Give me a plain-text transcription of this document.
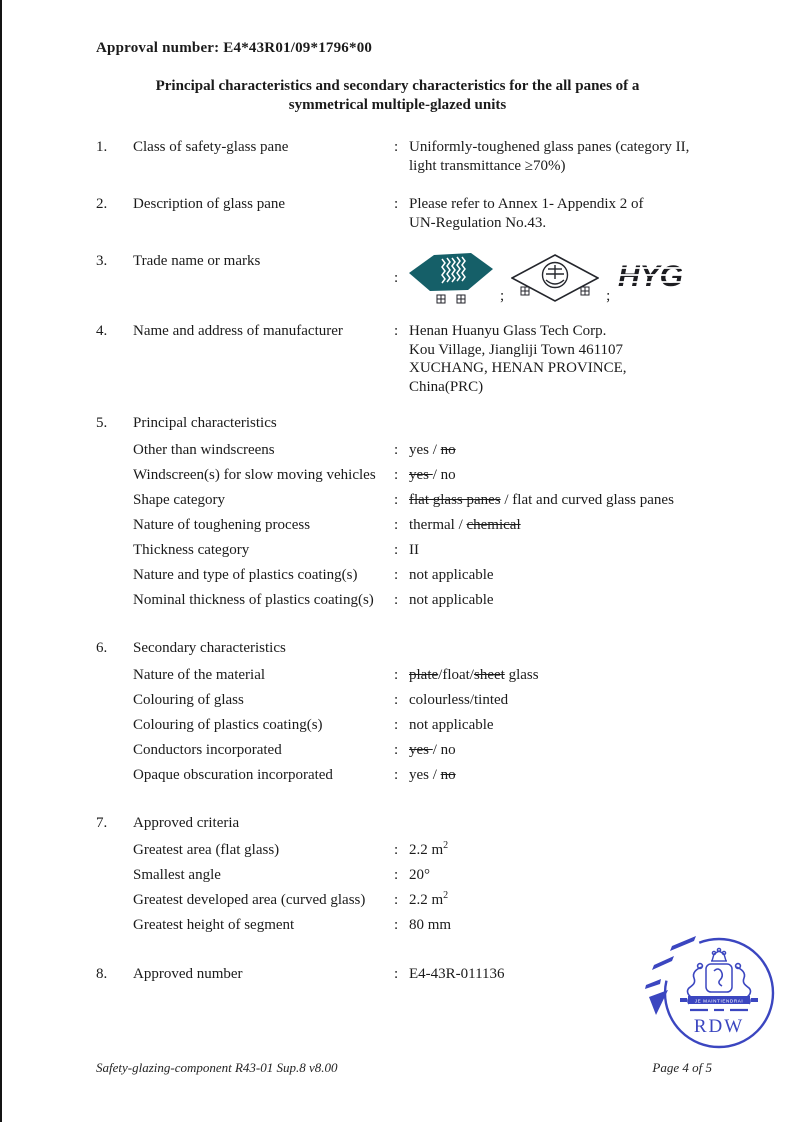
Approval number: E4*43R01/09*1796*00
Principal characteristics and secondary characteristics for the all panes of a
symmetrical multiple-glazed units
1.	Class of safety-glass pane	: Uniformly-toughened glass panes (category II,
light transmittance ≥70%)
2.	Description of glass pane	: Please refer to Annex 1- Appendix 2 of
UN-Regulation No.43.
3.	Trade name or marks
:
;	;
HYG
4.	Name and address of manufacturer	: Henan Huanyu Glass Tech Corp.
Kou Village, Jiangliji Town 461107
XUCHANG, HENAN PROVINCE,
China(PRC)
5.	Principal characteristics
Other than windscreens	: yes / no
Windscreen(s) for slow moving vehicles	: yes / no
Shape category	: flat glass panes / flat and curved glass panes
Nature of toughening process	: thermal / chemical
Thickness category	: II
Nature and type of plastics coating(s)	: not applicable
Nominal thickness of plastics coating(s)	: not applicable
6.	Secondary characteristics
Nature of the material	: plate/float/sheet glass
Colouring of glass	: colourless/tinted
Colouring of plastics coating(s)	: not applicable
Conductors incorporated	: yes / no
Opaque obscuration incorporated	: yes / no
7.	Approved criteria
Greatest area (flat glass)	: 2.2 $m^2$
Smallest angle	: 20°
Greatest developed area (curved glass)	: 2.2 $m^2$
Greatest height of segment	: 80 mm
8.	Approved number	: E4-43R-011136
JE MAINTIENDRAI
RDW
Safety-glazing-component R43-01 Sup.8 v8.00	Page 4 of 5
